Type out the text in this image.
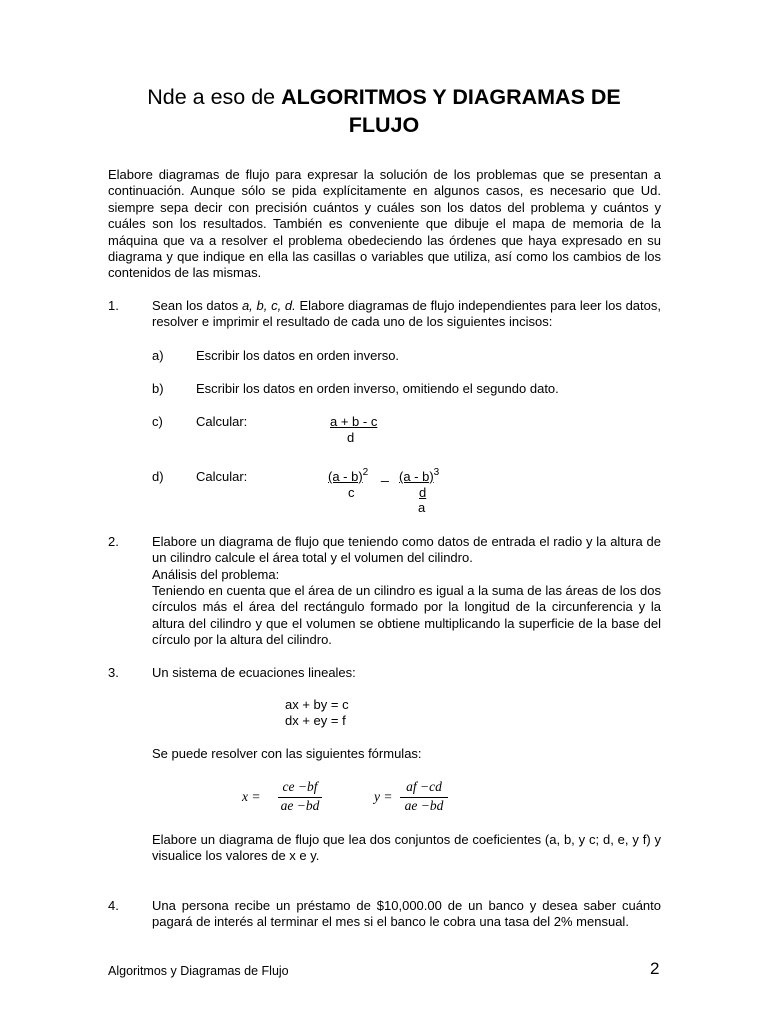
Nde a eso de ALGORITMOS Y DIAGRAMAS DE
FLUJO
Elabore diagramas de flujo para expresar la solución de los problemas que se presentan a continuación. Aunque sólo se pida explícitamente en algunos casos, es necesario que Ud. siempre sepa decir con precisión cuántos y cuáles son los datos del problema y cuántos y cuáles son los resultados. También es conveniente que dibuje el mapa de memoria de la máquina que va a resolver el problema obedeciendo las órdenes que haya expresado en su diagrama y que indique en ella las casillas o variables que utiliza, así como los cambios de los contenidos de las mismas.
1.	Sean los datos a, b, c, d. Elabore diagramas de flujo independientes para leer los datos, resolver e imprimir el resultado de cada uno de los siguientes incisos:
a) Escribir los datos en orden inverso.
b) Escribir los datos en orden inverso, omitiendo el segundo dato.
c)	Calcular:	a + b - c
d
d) Calcular:	(a - b)$^2$
c
_ (a - b)$^3$
d
a
2.	Elabore un diagrama de flujo que teniendo como datos de entrada el radio y la altura de un cilindro calcule el área total y el volumen del cilindro.
Análisis del problema:
Teniendo en cuenta que el área de un cilindro es igual a la suma de las áreas de los dos círculos más el área del rectángulo formado por la longitud de la circunferencia y la altura del cilindro y que el volumen se obtiene multiplicando la superficie de la base del círculo por la altura del cilindro.
3.	Un sistema de ecuaciones lineales:
ax + by = c
dx + ey = f
Se puede resolver con las siguientes fórmulas:
x =
ce −bf
ae −bd
y =
af −cd
ae −bd
Elabore un diagrama de flujo que lea dos conjuntos de coeficientes (a, b, y c; d, e, y f) y visualice los valores de x e y.
4.	Una persona recibe un préstamo de $10,000.00 de un banco y desea saber cuánto pagará de interés al terminar el mes si el banco le cobra una tasa del 2% mensual.
Algoritmos y Diagramas de Flujo	2
